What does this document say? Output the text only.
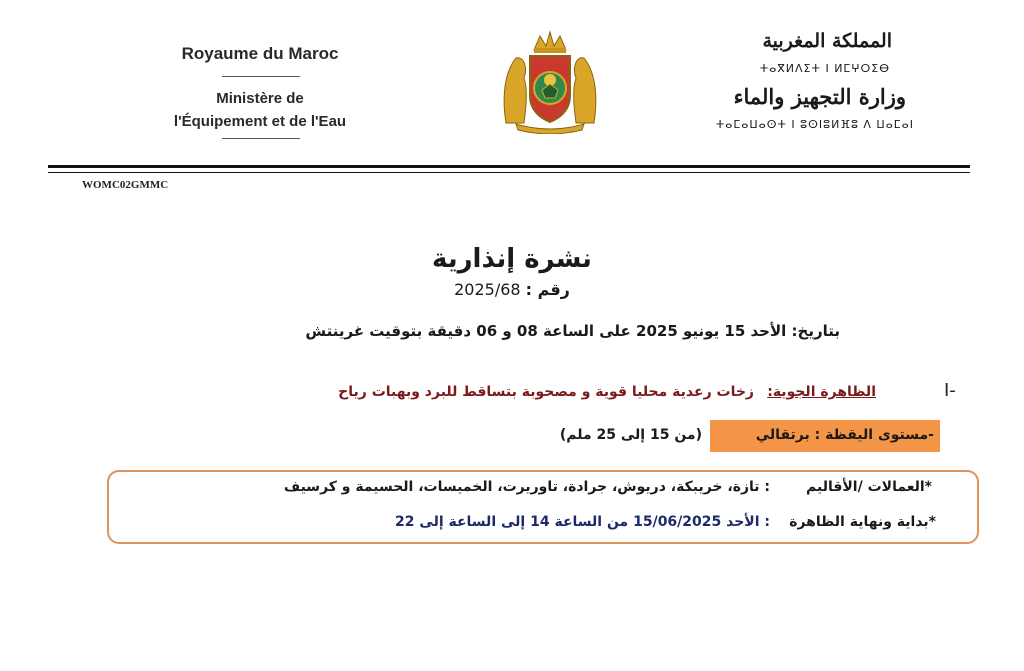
Royaume du Maroc
Ministère de
l'Équipement et de l'Eau
المملكة المغربية
ⵜⴰⴳⵍⴷⵉⵜ ⵏ ⵍⵎⵖⵔⵉⴱ
وزارة التجهيز والماء
ⵜⴰⵎⴰⵡⴰⵙⵜ ⵏ ⵓⵙⵏⵓⵍⴼⵓ ⴷ ⵡⴰⵎⴰⵏ
WOMC02GMMC
نشرة إنذارية
رقم : 2025/68
بتاريخ: الأحد 15 يونيو 2025 على الساعة 08 و 06 دقيقة بتوقيت غرينتش
I-
الظاهرة الجوية:
زخات رعدية محليا قوية و مصحوبة بتساقط للبرد وبهبات رياح
-مستوى اليقظة : برتقالي
(من 15 إلى 25 ملم)
*العمالات /الأقاليم
: تازة، خريبكة، دريوش، جرادة، تاوريرت، الخميسات، الحسيمة و كرسيف
*بداية ونهاية الظاهرة
: الأحد 15/06/2025 من الساعة 14 إلى الساعة إلى 22
